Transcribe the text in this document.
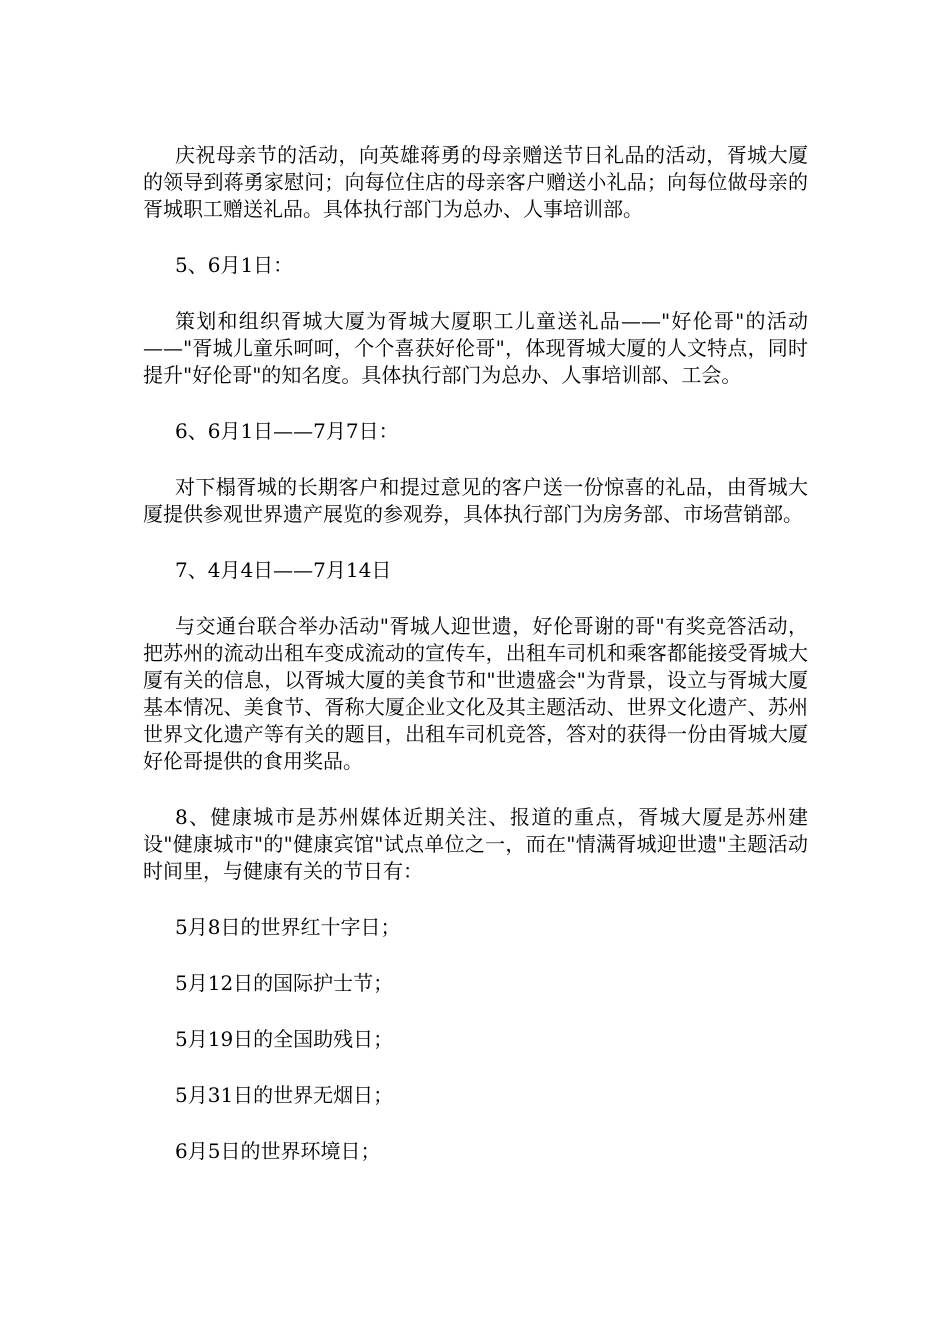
庆祝母亲节的活动，向英雄蒋勇的母亲赠送节日礼品的活动，胥城大厦的领导到蒋勇家慰问；向每位住店的母亲客户赠送小礼品；向每位做母亲的胥城职工赠送礼品。具体执行部门为总办、人事培训部。

5、6月1日：

策划和组织胥城大厦为胥城大厦职工儿童送礼品——"好伦哥"的活动——"胥城儿童乐呵呵，个个喜获好伦哥"，体现胥城大厦的人文特点，同时提升"好伦哥"的知名度。具体执行部门为总办、人事培训部、工会。

6、6月1日——7月7日：

对下榻胥城的长期客户和提过意见的客户送一份惊喜的礼品，由胥城大厦提供参观世界遗产展览的参观券，具体执行部门为房务部、市场营销部。

7、4月4日——7月14日

与交通台联合举办活动"胥城人迎世遗，好伦哥谢的哥"有奖竞答活动，把苏州的流动出租车变成流动的宣传车，出租车司机和乘客都能接受胥城大厦有关的信息，以胥城大厦的美食节和"世遗盛会"为背景，设立与胥城大厦基本情况、美食节、胥称大厦企业文化及其主题活动、世界文化遗产、苏州世界文化遗产等有关的题目，出租车司机竞答，答对的获得一份由胥城大厦好伦哥提供的食用奖品。

8、健康城市是苏州媒体近期关注、报道的重点，胥城大厦是苏州建设"健康城市"的"健康宾馆"试点单位之一，而在"情满胥城迎世遗"主题活动时间里，与健康有关的节日有：

5月8日的世界红十字日；

5月12日的国际护士节；

5月19日的全国助残日；

5月31日的世界无烟日；

6月5日的世界环境日；
